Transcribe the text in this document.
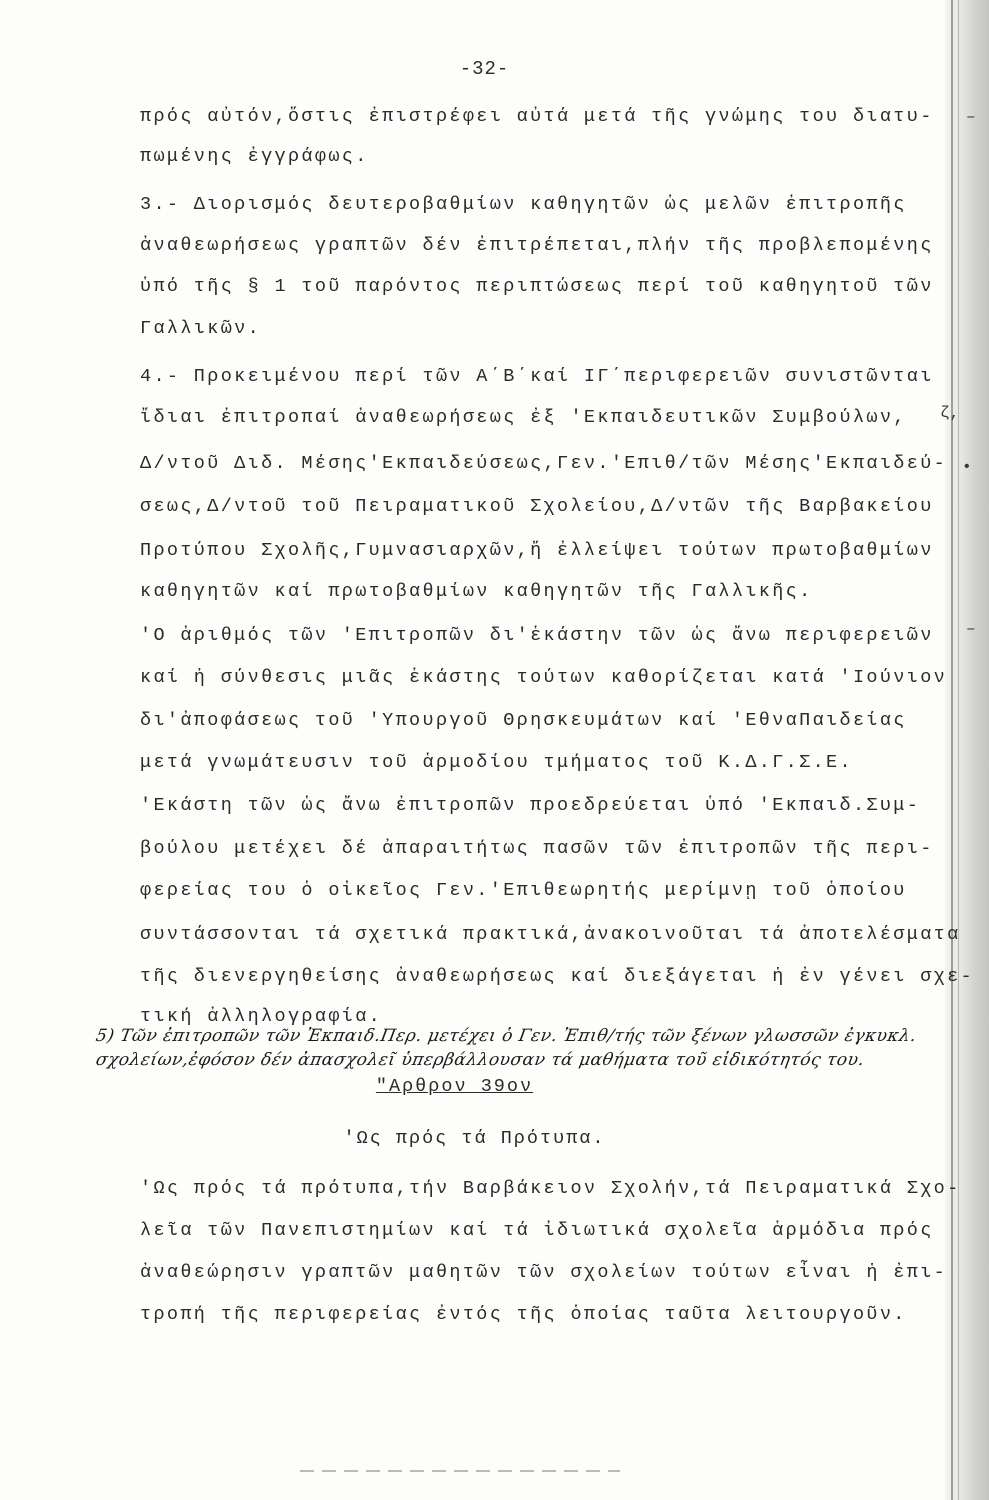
-32-
πρός αὐτόν,ὅστις ἐπιστρέφει αὐτά μετά τῆς γνώμης του διατυ-
πωμένης ἐγγράφως.
3.- Διορισμός δευτεροβαθμίων καθηγητῶν ὡς μελῶν ἐπιτροπῆς
ἀναθεωρήσεως γραπτῶν δέν ἐπιτρέπεται,πλήν τῆς προβλεπομένης
ὑπό τῆς § 1 τοῦ παρόντος περιπτώσεως περί τοῦ καθηγητοῦ τῶν
Γαλλικῶν.
4.- Προκειμένου περί τῶν Α΄Β΄καί ΙΓ΄περιφερειῶν συνιστῶνται
ἴδιαι ἐπιτροπαί ἀναθεωρήσεως ἐξ 'Εκπαιδευτικῶν Συμβούλων,
Δ/ντοῦ Διδ. Μέσης'Εκπαιδεύσεως,Γεν.'Επιθ/τῶν Μέσης'Εκπαιδεύ-
σεως,Δ/ντοῦ τοῦ Πειραματικοῦ Σχολείου,Δ/ντῶν τῆς Βαρβακείου
Προτύπου Σχολῆς,Γυμνασιαρχῶν,ἤ ἐλλείψει τούτων πρωτοβαθμίων
καθηγητῶν καί πρωτοβαθμίων καθηγητῶν τῆς Γαλλικῆς.
'Ο ἀριθμός τῶν 'Επιτροπῶν δι'ἑκάστην τῶν ὡς ἄνω περιφερειῶν
καί ἡ σύνθεσις μιᾶς ἑκάστης τούτων καθορίζεται κατά 'Ιούνιον
δι'ἀποφάσεως τοῦ 'Υπουργοῦ Θρησκευμάτων καί 'ΕθναΠαιδείας
μετά γνωμάτευσιν τοῦ ἁρμοδίου τμήματος τοῦ Κ.Δ.Γ.Σ.Ε.
'Εκάστη τῶν ὡς ἄνω ἐπιτροπῶν προεδρεύεται ὑπό 'Εκπαιδ.Συμ-
βούλου μετέχει δέ ἀπαραιτήτως πασῶν τῶν ἐπιτροπῶν τῆς περι-
φερείας του ὁ οἰκεῖος Γεν.'Επιθεωρητής μερίμνῃ τοῦ ὁποίου
συντάσσονται τά σχετικά πρακτικά,ἀνακοινοῦται τά ἀποτελέσματα
τῆς διενεργηθείσης ἀναθεωρήσεως καί διεξάγεται ἡ ἐν γένει σχε-
τική ἀλληλογραφία.
5) Τῶν ἐπιτροπῶν τῶν Ἐκπαιδ.Περ. μετέχει ὁ Γεν. Ἐπιθ/τής τῶν ξένων γλωσσῶν ἐγκυκλ.
σχολείων,ἐφόσον δέν ἀπασχολεῖ ὑπερβάλλουσαν τά μαθήματα τοῦ εἰδικότητός του.
"Αρθρον 39ον
'Ως πρός τά Πρότυπα.
'Ως πρός τά πρότυπα,τήν Βαρβάκειον Σχολήν,τά Πειραματικά Σχο-
λεῖα τῶν Πανεπιστημίων καί τά ἰδιωτικά σχολεῖα ἁρμόδια πρός
ἀναθεώρησιν γραπτῶν μαθητῶν τῶν σχολείων τούτων εἶναι ἡ ἐπι-
τροπή τῆς περιφερείας ἐντός τῆς ὁποίας ταῦτα λειτουργοῦν.
–
ζ,
•
–
